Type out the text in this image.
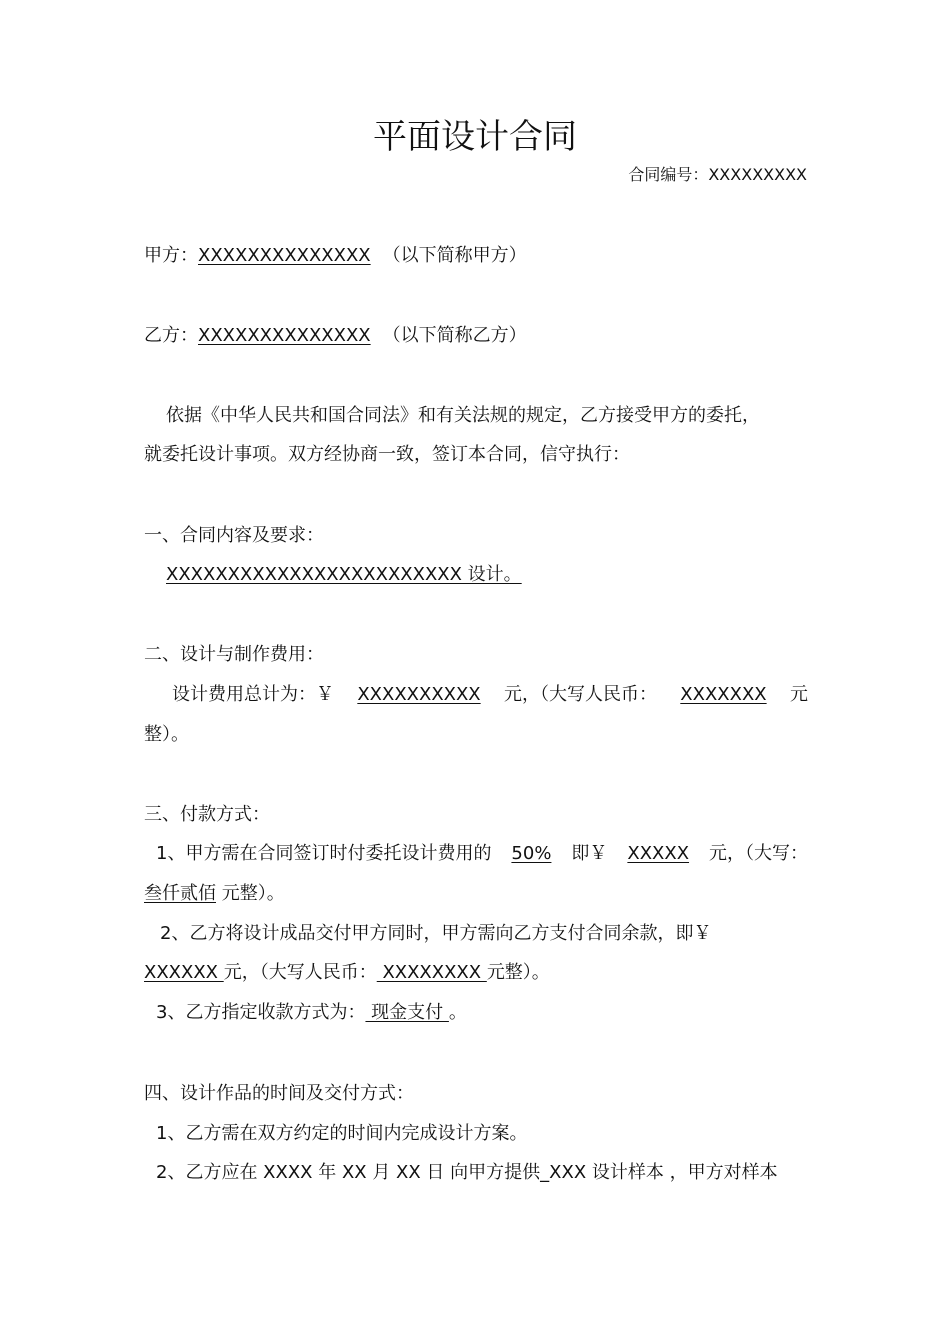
平面设计合同
合同编号：XXXXXXXXX
甲方：XXXXXXXXXXXXXX （以下简称甲方）
乙方：XXXXXXXXXXXXXX （以下简称乙方）
依据《中华人民共和国合同法》和有关法规的规定，乙方接受甲方的委托，
就委托设计事项。双方经协商一致，签订本合同，信守执行：
一、合同内容及要求：
XXXXXXXXXXXXXXXXXXXXXXXX 设计。
二、设计与制作费用：
设计费用总计为：￥ XXXXXXXXXX 元，（大写人民币： XXXXXXX 元
整）。
三、付款方式：
1、甲方需在合同签订时付委托设计费用的 50% 即￥ XXXXX 元，（大写：
叁仟贰佰 元整）。
2、乙方将设计成品交付甲方同时，甲方需向乙方支付合同余款，即￥
XXXXXX 元，（大写人民币： XXXXXXXX 元整）。
3、乙方指定收款方式为： 现金支付 。
四、设计作品的时间及交付方式：
1、乙方需在双方约定的时间内完成设计方案。
2、乙方应在 XXXX 年 XX 月 XX 日 向甲方提供_XXX 设计样本 ，甲方对样本
